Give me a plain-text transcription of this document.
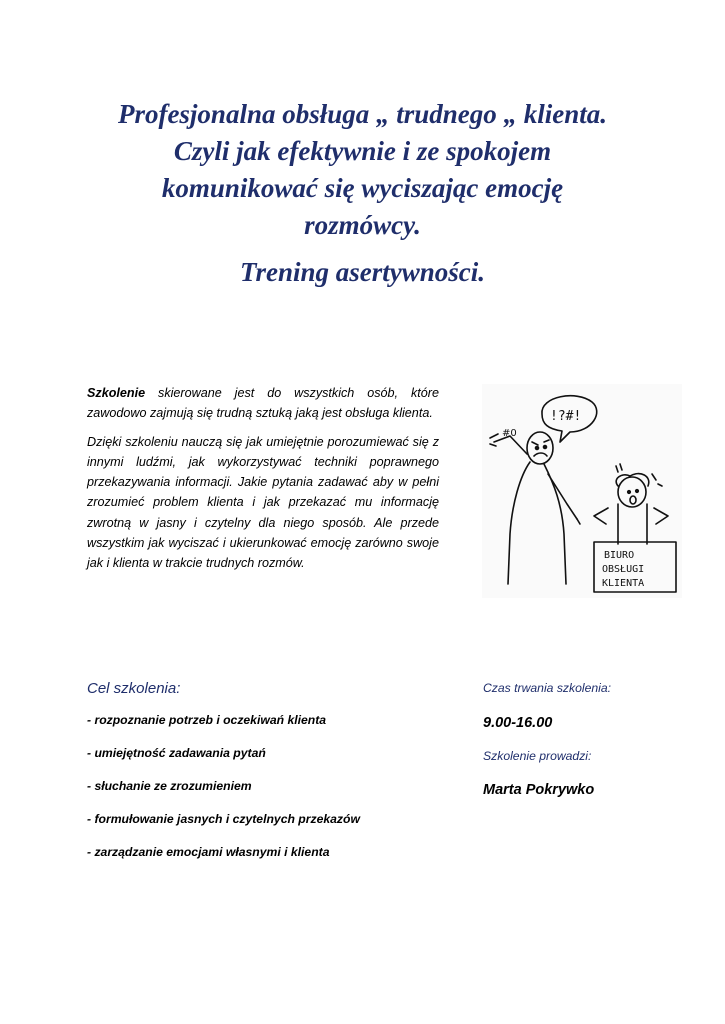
Profesjonalna obsługa „ trudnego „ klienta.
Czyli jak efektywnie i ze spokojem
komunikować się wyciszając emocję
rozmówcy.
Trening asertywności.

Szkolenie skierowane jest do wszystkich osób, które zawodowo zajmują się trudną sztuką jaką jest obsługa klienta.

Dzięki szkoleniu nauczą się jak umiejętnie porozumiewać się z innymi ludźmi, jak wykorzystywać techniki poprawnego przekazywania informacji. Jakie pytania zadawać aby w pełni zrozumieć problem klienta i jak przekazać mu informację zwrotną w jasny i czytelny dla niego sposób. Ale przede wszystkim jak wyciszać i ukierunkować emocję zarówno swoje jak i klienta w trakcie trudnych rozmów.

!?#!
#0
BIURO
OBSŁUGI
KLIENTA
Cel szkolenia:
- rozpoznanie potrzeb i oczekiwań klienta
- umiejętność zadawania pytań
- słuchanie ze zrozumieniem
- formułowanie jasnych i czytelnych przekazów
- zarządzanie emocjami własnymi i klienta

Czas trwania szkolenia:

9.00-16.00

Szkolenie prowadzi:

Marta Pokrywko
